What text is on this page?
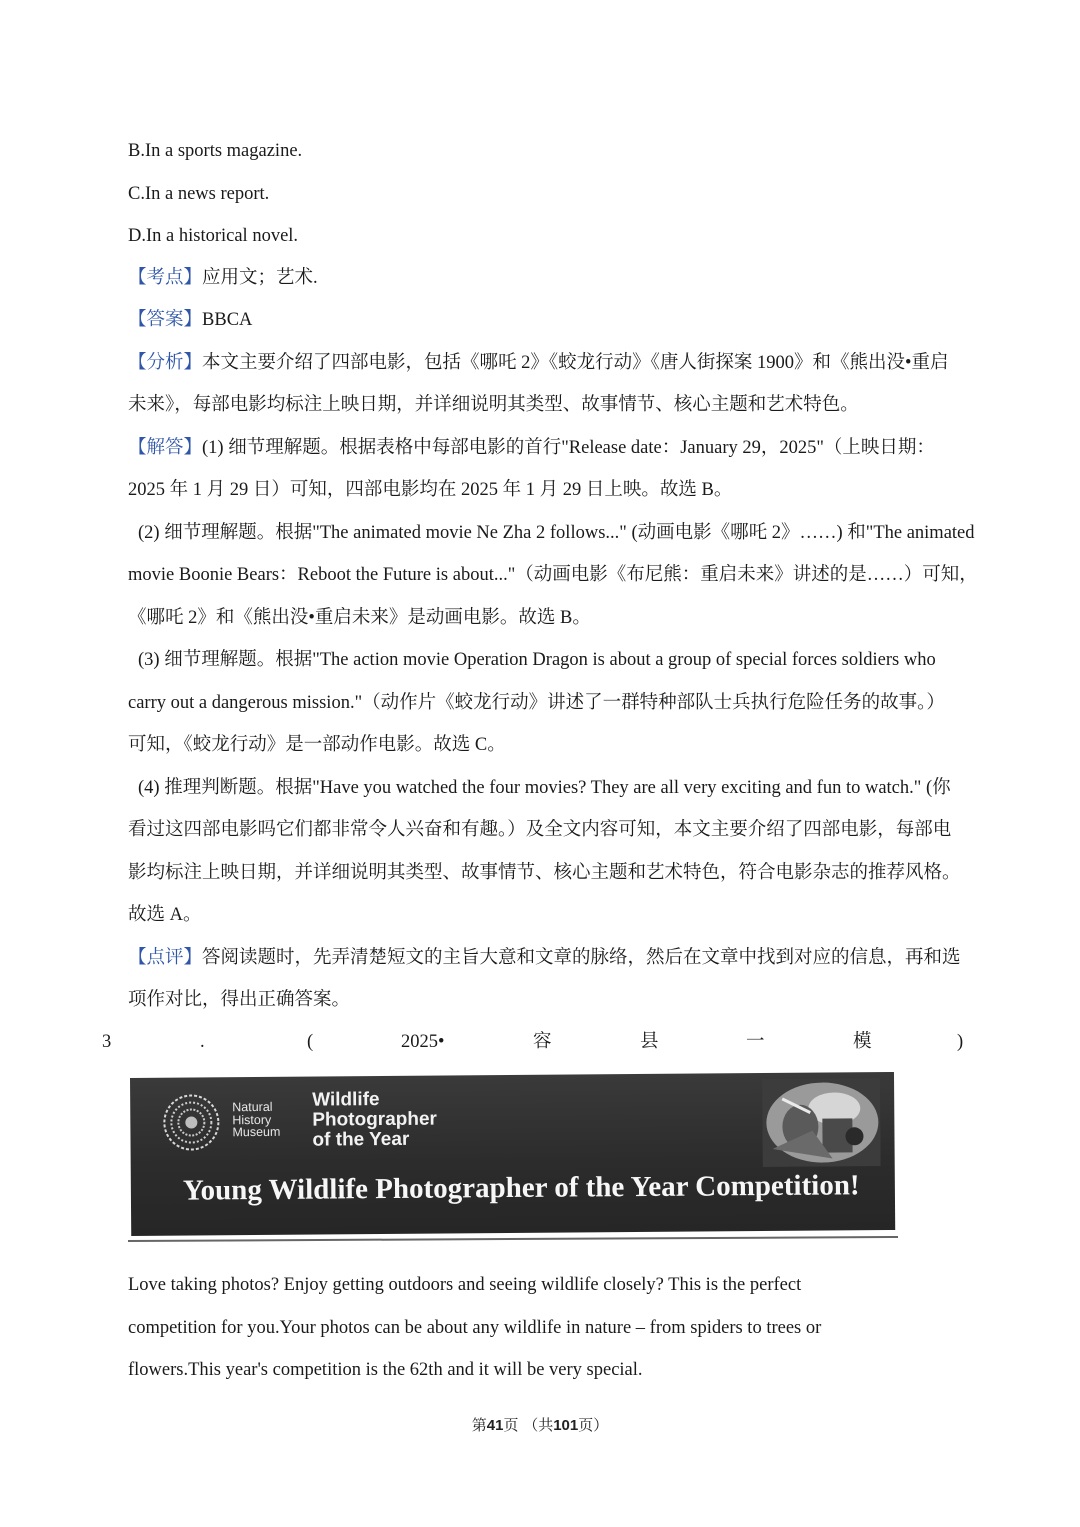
B.In a sports magazine.
C.In a news report.
D.In a historical novel.
【考点】应用文；艺术.
【答案】BBCA
【分析】本文主要介绍了四部电影，包括《哪吒 2》《蛟龙行动》《唐人街探案 1900》和《熊出没•重启
未来》，每部电影均标注上映日期，并详细说明其类型、故事情节、核心主题和艺术特色。
【解答】(1) 细节理解题。根据表格中每部电影的首行"Release date：January 29，2025"（上映日期：
2025 年 1 月 29 日）可知，四部电影均在 2025 年 1 月 29 日上映。故选 B。
(2) 细节理解题。根据"The animated movie Ne Zha 2 follows..." (动画电影《哪吒 2》……) 和"The animated
movie Boonie Bears：Reboot the Future is about..."（动画电影《布尼熊：重启未来》讲述的是……）可知，
《哪吒 2》和《熊出没•重启未来》是动画电影。故选 B。
(3) 细节理解题。根据"The action movie Operation Dragon is about a group of special forces soldiers who
carry out a dangerous mission."（动作片《蛟龙行动》讲述了一群特种部队士兵执行危险任务的故事。）
可知，《蛟龙行动》是一部动作电影。故选 C。
(4) 推理判断题。根据"Have you watched the four movies? They are all very exciting and fun to watch." (你
看过这四部电影吗它们都非常令人兴奋和有趣。）及全文内容可知，本文主要介绍了四部电影，每部电
影均标注上映日期，并详细说明其类型、故事情节、核心主题和艺术特色，符合电影杂志的推荐风格。
故选 A。
【点评】答阅读题时，先弄清楚短文的主旨大意和文章的脉络，然后在文章中找到对应的信息，再和选
项作对比，得出正确答案。
3	.	(	2025•	容	县	一	模	)
Natural
History
Museum
Wildlife
Photographer
of the Year
Young Wildlife Photographer of the Year Competition!
Love taking photos? Enjoy getting outdoors and seeing wildlife closely? This is the perfect
competition for you.Your photos can be about any wildlife in nature – from spiders to trees or
flowers.This year's competition is the 62th and it will be very special.
第41页 （共101页）
